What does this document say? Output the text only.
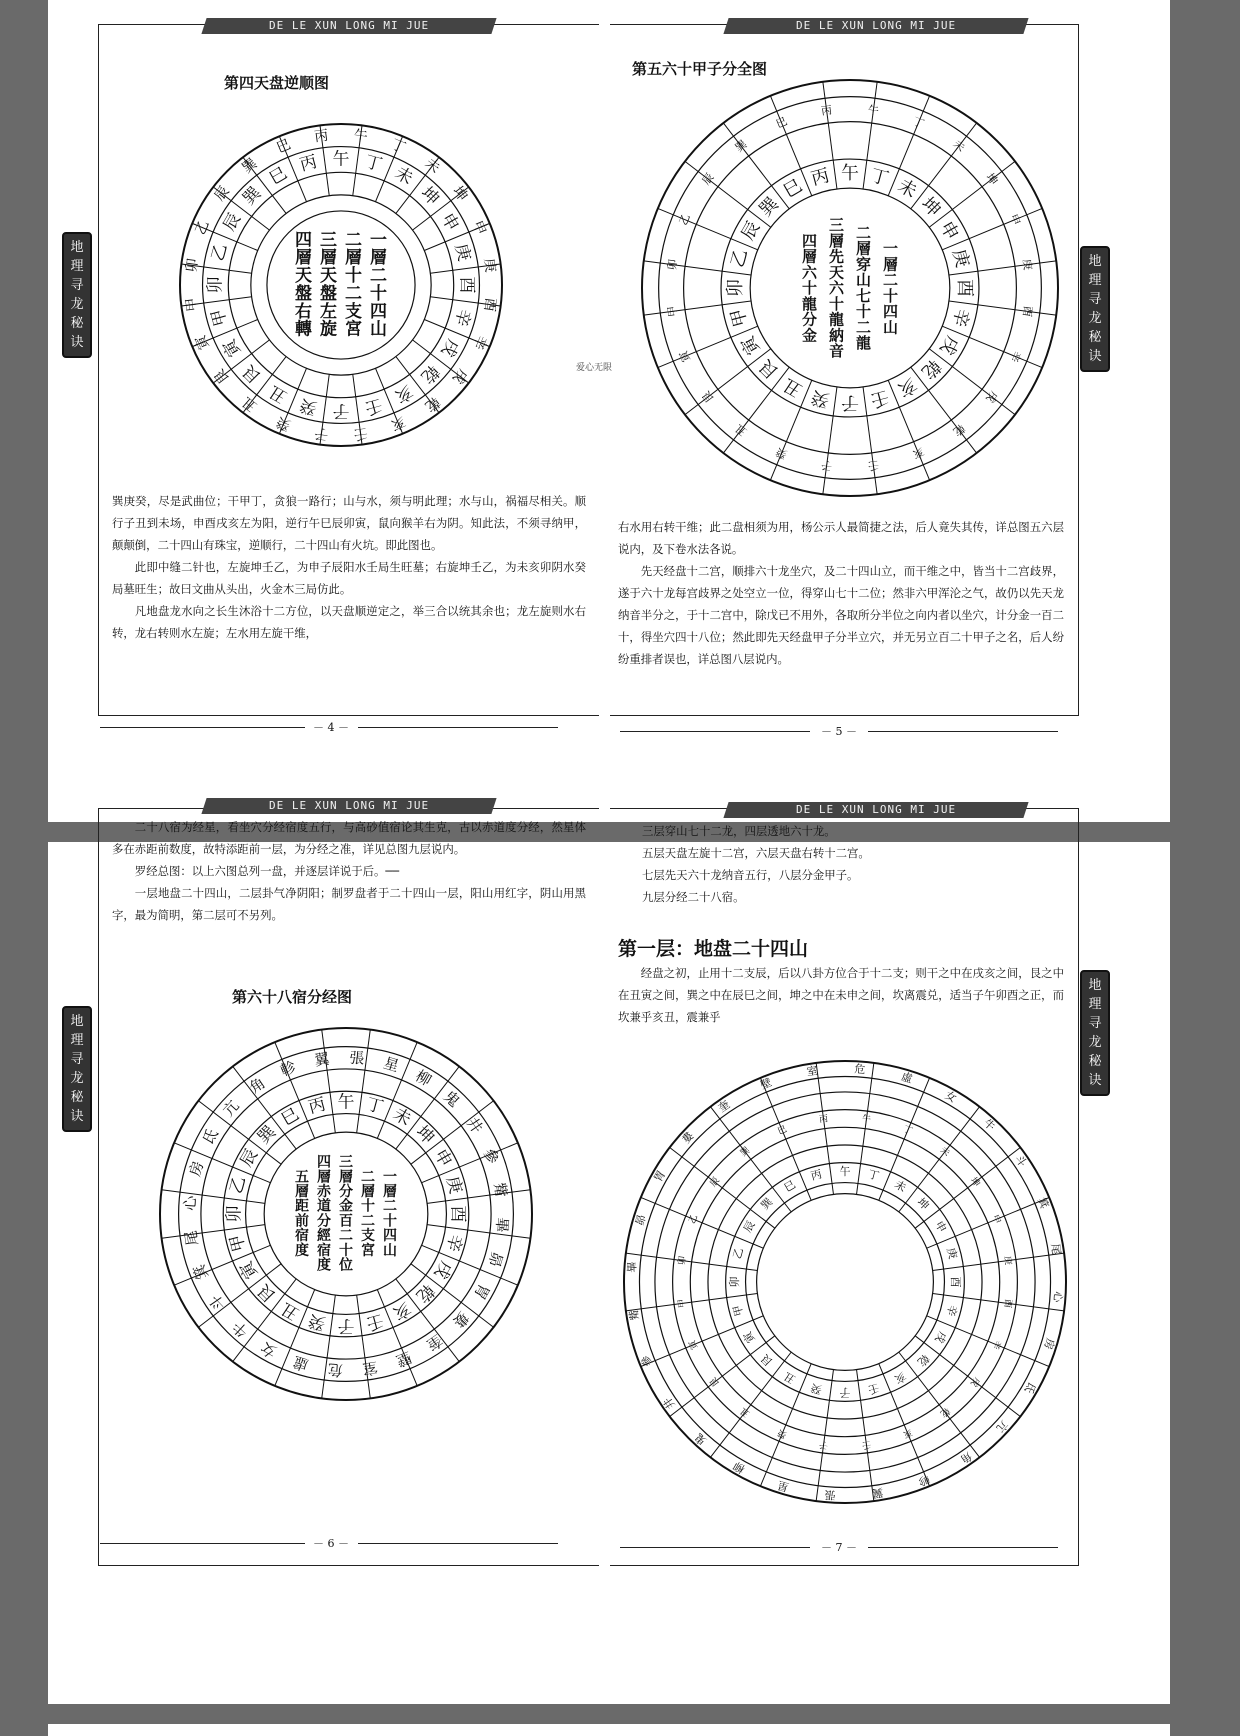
DE LE XUN LONG MI JUE
第四天盘逆顺图
午 丁 未
坤
申
庚
酉
辛
戌
乾
亥
壬
子
癸
丑
艮
寅
甲
卯
乙
辰
巽
巳 丙
午
丁
未
坤
申
庚
酉
辛
戌
乾
亥
壬
子
癸
丑
艮
寅
甲
卯
乙
辰
巽
巳
丙
一
層
二
十
四
山
二
層
十
二
支
宮
三
層
天
盤
左
旋
四
層
天
盤
右
轉

巽庚癸，尽是武曲位；干甲丁，贪狼一路行；山与水，须与明此理；水与山，祸福尽相关。顺行子丑到未场，申酉戌亥左为阳，逆行午巳辰卯寅，鼠向猴羊右为阴。知此法，不须寻纳甲，颠颠倒，二十四山有珠宝，逆顺行，二十四山有火坑。即此图也。

此即中缝二针也，左旋坤壬乙，为申子辰阳水壬局生旺墓；右旋坤壬乙，为未亥卯阴水癸局墓旺生；故曰文曲从头出，火金木三局仿此。

凡地盘龙水向之长生沐浴十二方位，以天盘顺逆定之，举三合以统其余也；龙左旋则水右转，龙右转则水左旋；左水用左旋干维，

－ 4 －
地
理
寻
龙
秘
诀
DE LE XUN LONG MI JUE
第五六十甲子分全图
爱心无限
午 丁 未
坤
申
庚
酉
辛
戌
乾
亥
壬
子
癸
丑
艮
寅
甲
卯
乙
辰
巽
巳 丙
午
丁
未
坤
申
庚
酉
辛
戌
乾
亥
壬
子
癸
丑
艮
寅
甲
卯
乙
辰
巽
巳
丙
一
層
二
十
四
山
二
層
穿
山
七
十
二
龍
三
層
先
天
六
十
龍
納
音
四
層
六
十
龍
分
金

右水用右转干维；此二盘相须为用，杨公示人最简捷之法，后人竟失其传，详总图五六层说内，及下卷水法各说。

先天经盘十二宫，顺排六十龙坐穴，及二十四山立，而干维之中，皆当十二宫歧界，遂于六十龙每宫歧界之处空立一位，得穿山七十二位；然非六甲浑沦之气，故仍以先天龙纳音半分之，于十二宫中，除戊已不用外，各取所分半位之向内者以坐穴，计分金一百二十，得坐穴四十八位；然此即先天经盘甲子分半立穴，并无另立百二十甲子之名，后人纷纷重排者误也，详总图八层说内。

－ 5 －
地
理
寻
龙
秘
诀
DE LE XUN LONG MI JUE

二十八宿为经星，看坐穴分经宿度五行，与高砂值宿论其生克，古以赤道度分经，然星体多在赤距前数度，故特添距前一层，为分经之准，详见总图九层说内。

罗经总图：以上六图总列一盘，并逐层详说于后。──

一层地盘二十四山，二层卦气净阴阳；制罗盘者于二十四山一层，阳山用红字，阴山用黑字，最为简明，第二层可不另列。

第六十八宿分经图
午 丁 未
坤
申
庚
酉
辛
戌
乾
亥
壬
子
癸
丑
艮
寅
甲
卯
乙
辰
巽
巳 丙
張 星
柳
鬼
井
參
觜
畢
昴
胃
婁
奎
壁
室
危
虛
女
牛
斗
箕
尾
心
房
氐
亢
角
軫 翼
一
層
二
十
四
山
二
層
十
二
支
宮
三
層
分
金
百
二
十
位
四
層
赤
道
分
經
宿
度
五
層
距
前
宿
度
－ 6 －
地
理
寻
龙
秘
诀
DE LE XUN LONG MI JUE

三层穿山七十二龙，四层透地六十龙。

五层天盘左旋十二宫，六层天盘右转十二宫。

七层先天六十龙纳音五行，八层分金甲子。

九层分经二十八宿。

第一层：地盘二十四山

经盘之初，止用十二支辰，后以八卦方位合于十二支；则干之中在戌亥之间，艮之中在丑寅之间，巽之中在辰巳之间，坤之中在未申之间，坎离震兑，适当子午卯酉之正，而坎兼乎亥丑，震兼乎

午 丁
未
坤
申
庚
酉
辛
戌
乾
亥
壬
子
癸
丑
艮
寅
甲
卯
乙
辰
巽
巳
丙
危
虛
女
牛
斗
箕
尾
心
房
氐
亢
角
軫
翼
張
星
柳
鬼
井
參
觜
畢
昴
胃
婁
奎
壁
室
午
丁
未
坤
申
庚
酉
辛
戌
乾
亥
壬
子
癸
丑
艮
寅
甲
卯
乙
辰
巽
巳
丙
－ 7 －
地
理
寻
龙
秘
诀
